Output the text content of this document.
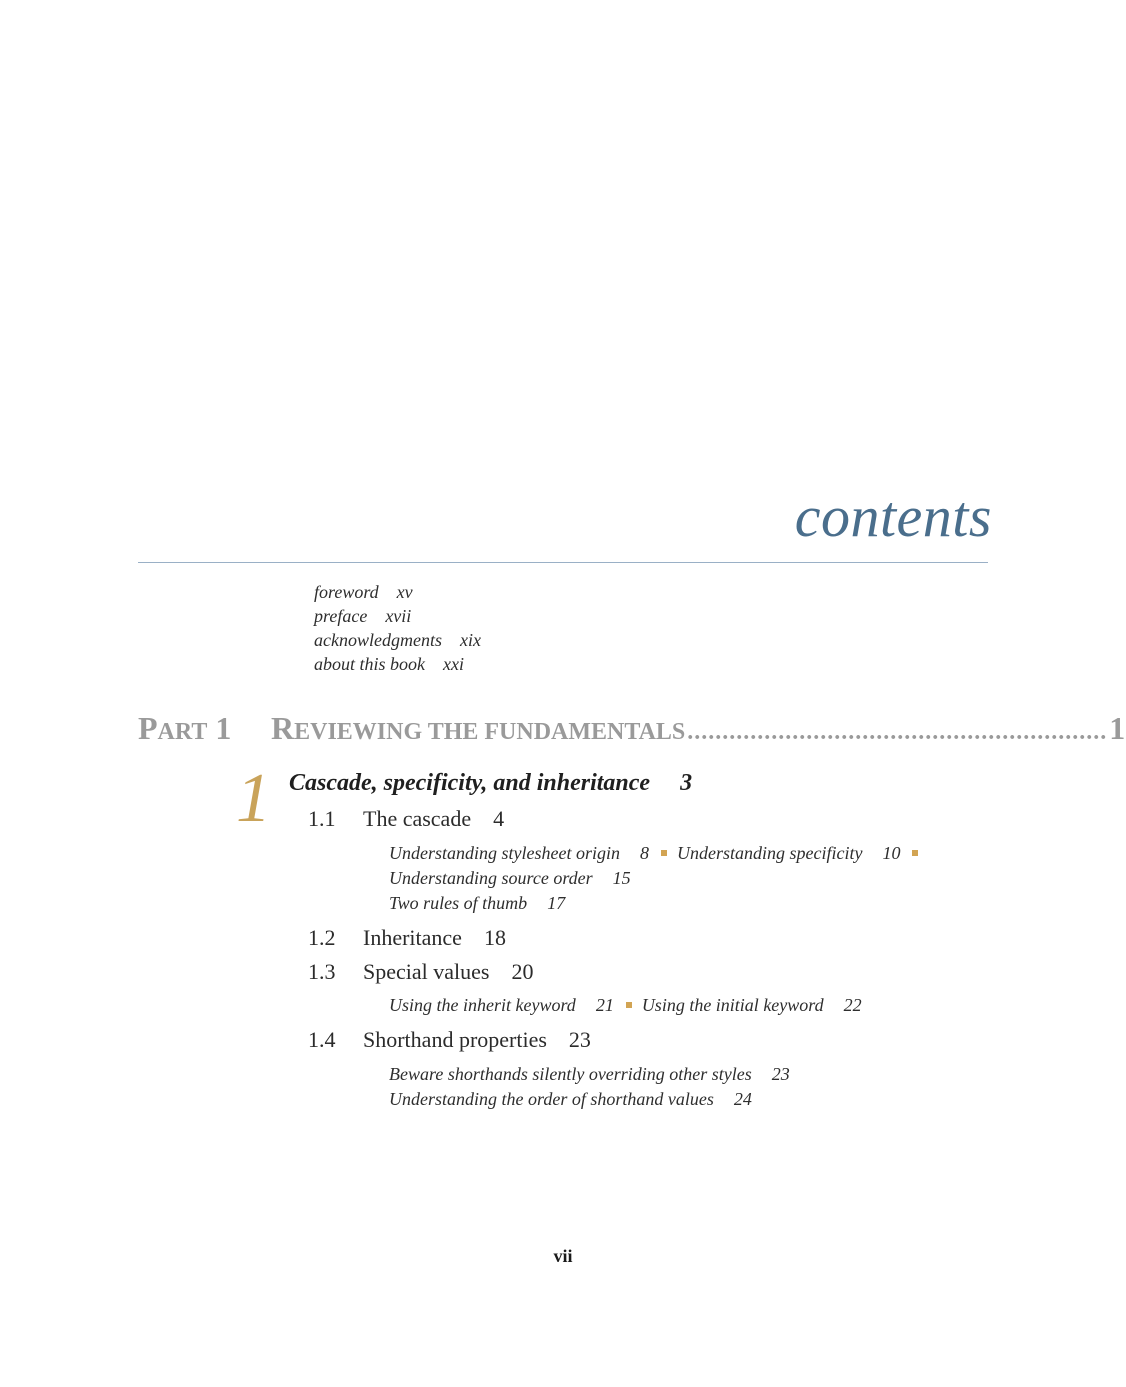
contents
foreword xv
preface xvii
acknowledgments xix
about this book xxi
PART 1	REVIEWING THE FUNDAMENTALS ............................................................ 1
1 Cascade, specificity, and inheritance 3
1.1 The cascade 4
Understanding stylesheet origin 8 Understanding specificity 10Understanding source order 15
Two rules of thumb 17
1.2 Inheritance 18
1.3 Special values 20
Using the inherit keyword 21 Using the initial keyword 22
1.4 Shorthand properties 23
Beware shorthands silently overriding other styles 23
Understanding the order of shorthand values 24
vii
